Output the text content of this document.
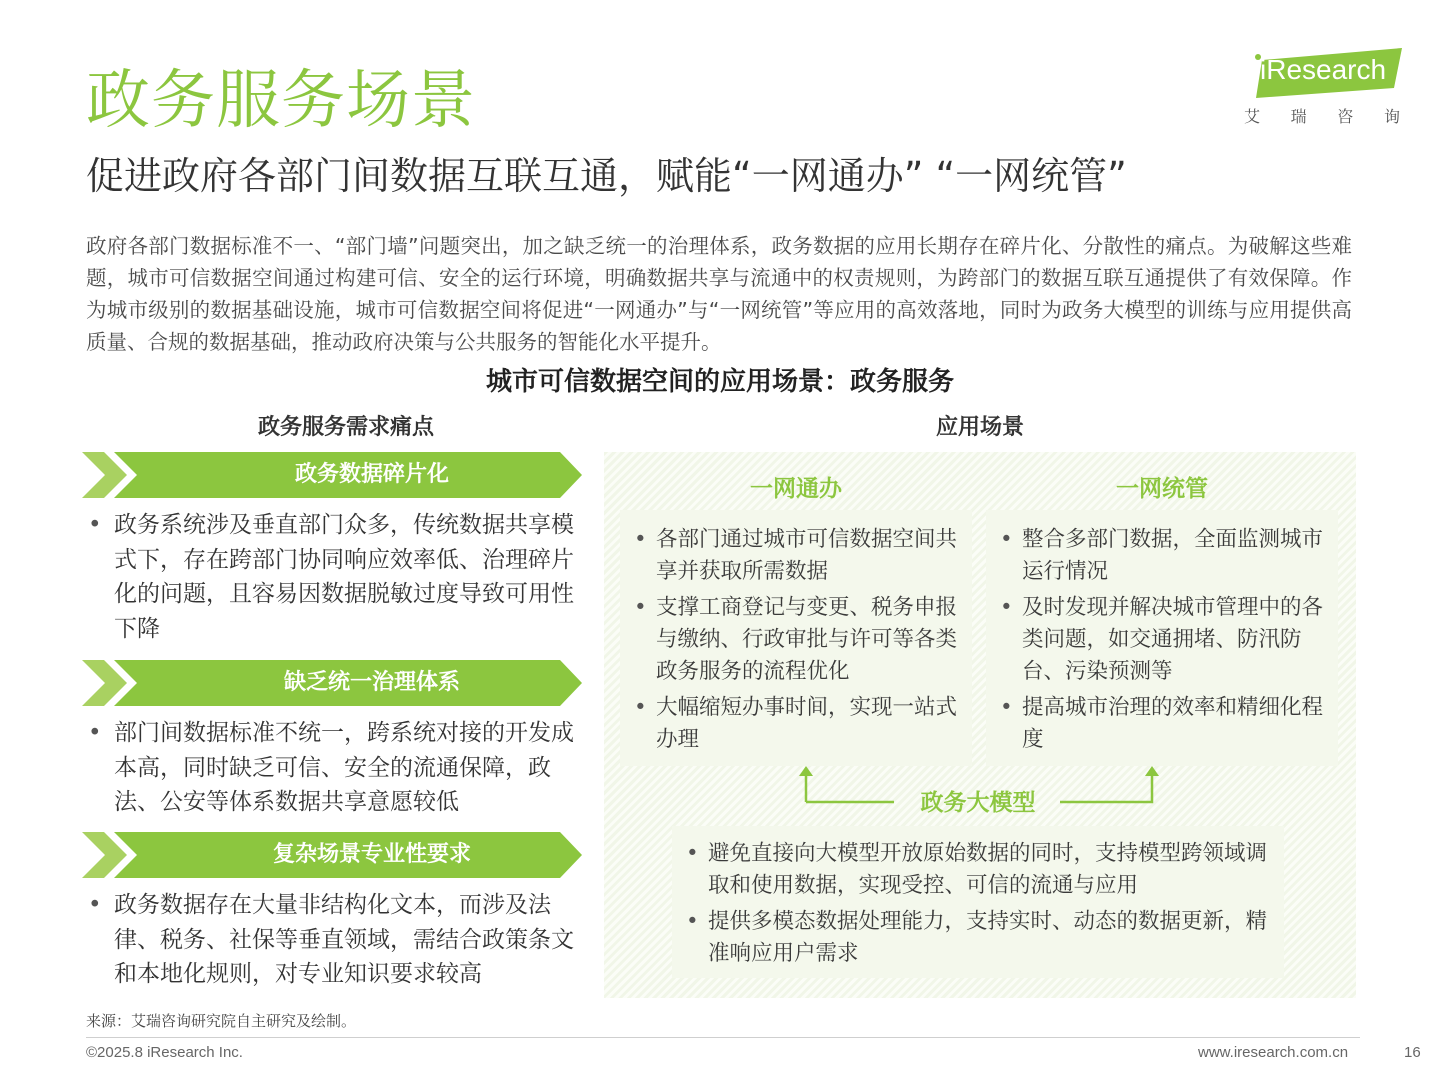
政务服务场景
促进政府各部门间数据互联互通，赋能“一网通办” “一网统管”
iResearch
艾 瑞 咨 询
政府各部门数据标准不一、“部门墙”问题突出，加之缺乏统一的治理体系，政务数据的应用长期存在碎片化、分散性的痛点。为破解这些难题，城市可信数据空间通过构建可信、安全的运行环境，明确数据共享与流通中的权责规则，为跨部门的数据互联互通提供了有效保障。作为城市级别的数据基础设施，城市可信数据空间将促进“一网通办”与“一网统管”等应用的高效落地，同时为政务大模型的训练与应用提供高质量、合规的数据基础，推动政府决策与公共服务的智能化水平提升。
城市可信数据空间的应用场景：政务服务
政务服务需求痛点	应用场景
政务数据碎片化
• 政务系统涉及垂直部门众多，传统数据共享模式下，存在跨部门协同响应效率低、治理碎片化的问题，且容易因数据脱敏过度导致可用性下降
缺乏统一治理体系
• 部门间数据标准不统一，跨系统对接的开发成本高，同时缺乏可信、安全的流通保障，政法、公安等体系数据共享意愿较低
复杂场景专业性要求
• 政务数据存在大量非结构化文本，而涉及法律、税务、社保等垂直领域，需结合政策条文和本地化规则，对专业知识要求较高
一网通办	一网统管
• 各部门通过城市可信数据空间共享并获取所需数据
• 支撑工商登记与变更、税务申报与缴纳、行政审批与许可等各类政务服务的流程优化
• 大幅缩短办事时间，实现一站式办理
• 整合多部门数据，全面监测城市运行情况
• 及时发现并解决城市管理中的各类问题，如交通拥堵、防汛防台、污染预测等
• 提高城市治理的效率和精细化程度
政务大模型
• 避免直接向大模型开放原始数据的同时，支持模型跨领域调取和使用数据，实现受控、可信的流通与应用
• 提供多模态数据处理能力，支持实时、动态的数据更新，精准响应用户需求
来源：艾瑞咨询研究院自主研究及绘制。
©2025.8 iResearch Inc.	www.iresearch.com.cn	16
